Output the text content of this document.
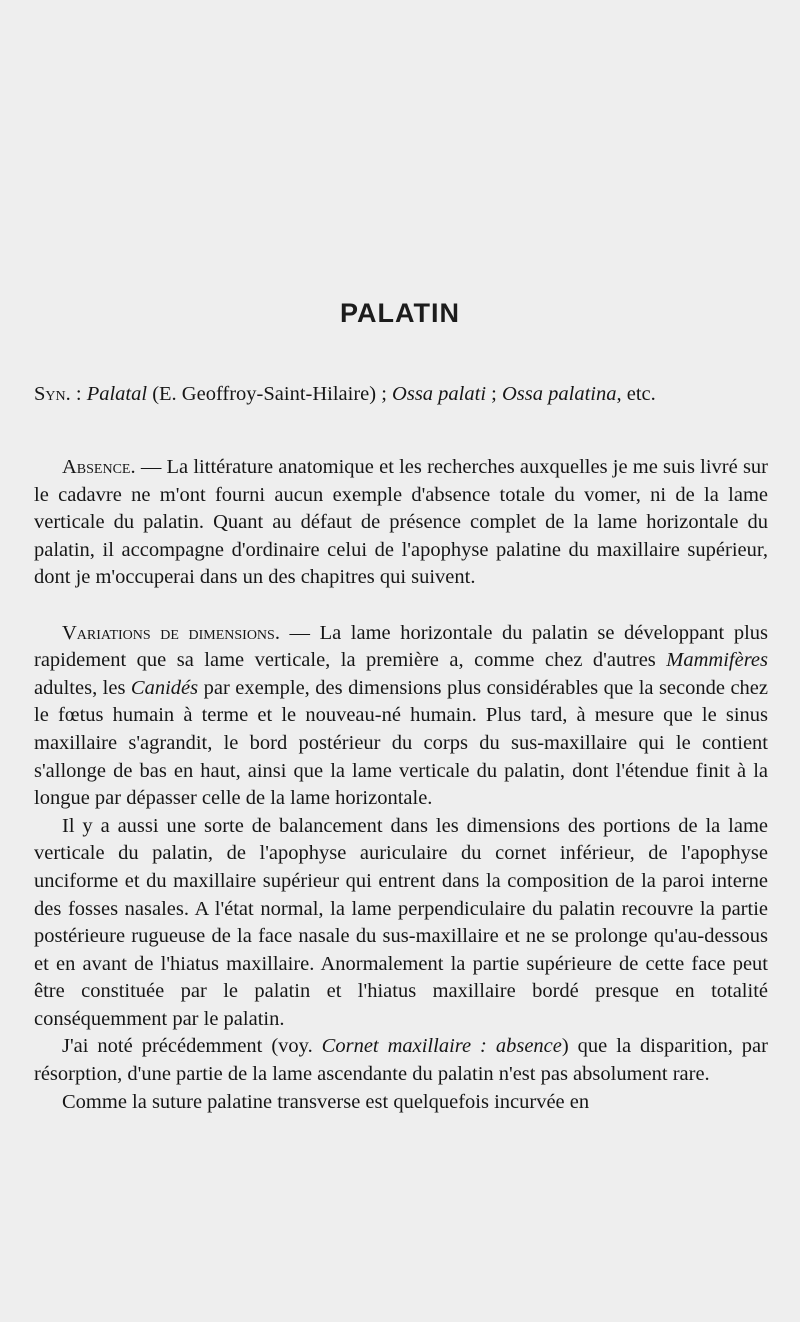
PALATIN
Syn. : Palatal (E. Geoffroy-Saint-Hilaire) ; Ossa palati ; Ossa palatina, etc.

Absence. — La littérature anatomique et les recherches auxquelles je me suis livré sur le cadavre ne m'ont fourni aucun exemple d'absence totale du vomer, ni de la lame verticale du palatin. Quant au défaut de présence complet de la lame horizontale du palatin, il accompagne d'ordinaire celui de l'apophyse palatine du maxillaire supérieur, dont je m'occuperai dans un des chapitres qui suivent.

Variations de dimensions. — La lame horizontale du palatin se développant plus rapidement que sa lame verticale, la première a, comme chez d'autres Mammifères adultes, les Canidés par exemple, des dimensions plus considérables que la seconde chez le fœtus humain à terme et le nouveau-né humain. Plus tard, à mesure que le sinus maxillaire s'agrandit, le bord postérieur du corps du sus-maxillaire qui le contient s'allonge de bas en haut, ainsi que la lame verticale du palatin, dont l'étendue finit à la longue par dépasser celle de la lame horizontale.

Il y a aussi une sorte de balancement dans les dimensions des portions de la lame verticale du palatin, de l'apophyse auriculaire du cornet inférieur, de l'apophyse unciforme et du maxillaire supérieur qui entrent dans la composition de la paroi interne des fosses nasales. A l'état normal, la lame perpendiculaire du palatin recouvre la partie postérieure rugueuse de la face nasale du sus-maxillaire et ne se prolonge qu'au-dessous et en avant de l'hiatus maxillaire. Anormalement la partie supérieure de cette face peut être constituée par le palatin et l'hiatus maxillaire bordé presque en totalité conséquemment par le palatin.

J'ai noté précédemment (voy. Cornet maxillaire : absence) que la disparition, par résorption, d'une partie de la lame ascendante du palatin n'est pas absolument rare.

Comme la suture palatine transverse est quelquefois incurvée en
